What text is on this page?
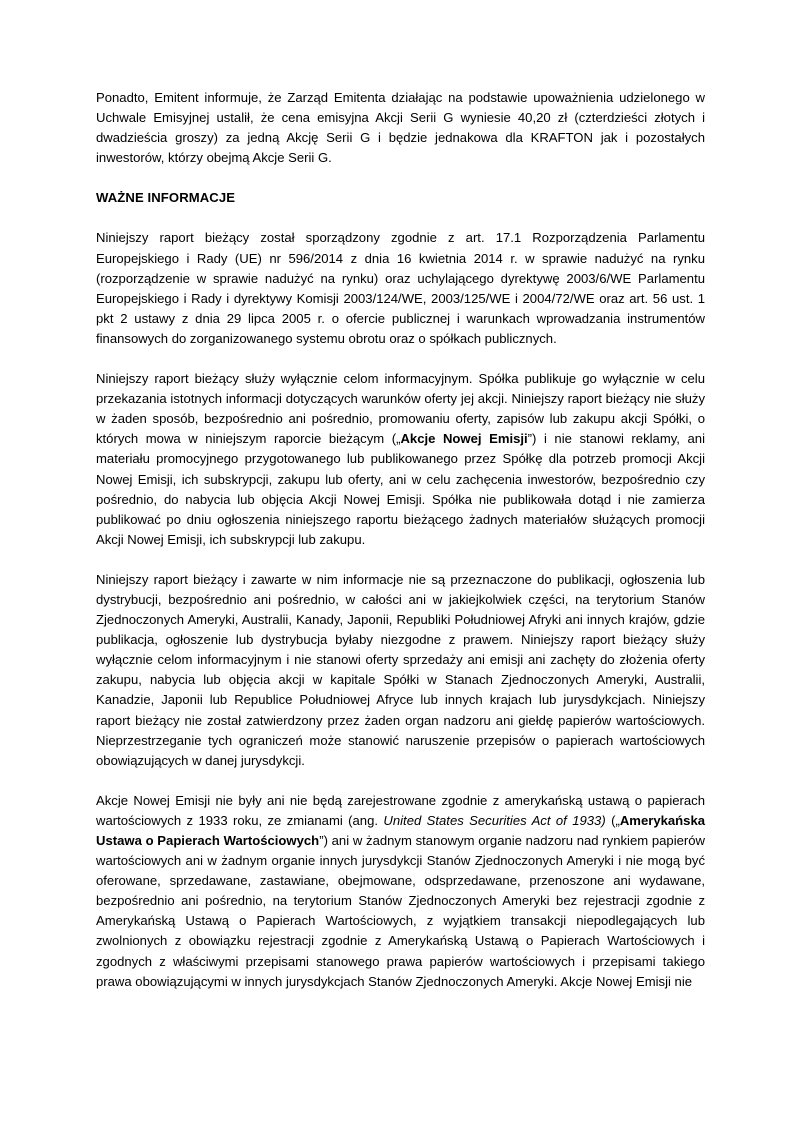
Ponadto, Emitent informuje, że Zarząd Emitenta działając na podstawie upoważnienia udzielonego w Uchwale Emisyjnej ustalił, że cena emisyjna Akcji Serii G wyniesie 40,20 zł (czterdzieści złotych i dwadzieścia groszy) za jedną Akcję Serii G i będzie jednakowa dla KRAFTON jak i pozostałych inwestorów, którzy obejmą Akcje Serii G.

WAŻNE INFORMACJE

Niniejszy raport bieżący został sporządzony zgodnie z art. 17.1 Rozporządzenia Parlamentu Europejskiego i Rady (UE) nr 596/2014 z dnia 16 kwietnia 2014 r. w sprawie nadużyć na rynku (rozporządzenie w sprawie nadużyć na rynku) oraz uchylającego dyrektywę 2003/6/WE Parlamentu Europejskiego i Rady i dyrektywy Komisji 2003/124/WE, 2003/125/WE i 2004/72/WE oraz art. 56 ust. 1 pkt 2 ustawy z dnia 29 lipca 2005 r. o ofercie publicznej i warunkach wprowadzania instrumentów finansowych do zorganizowanego systemu obrotu oraz o spółkach publicznych.

Niniejszy raport bieżący służy wyłącznie celom informacyjnym. Spółka publikuje go wyłącznie w celu przekazania istotnych informacji dotyczących warunków oferty jej akcji. Niniejszy raport bieżący nie służy w żaden sposób, bezpośrednio ani pośrednio, promowaniu oferty, zapisów lub zakupu akcji Spółki, o których mowa w niniejszym raporcie bieżącym („Akcje Nowej Emisji”) i nie stanowi reklamy, ani materiału promocyjnego przygotowanego lub publikowanego przez Spółkę dla potrzeb promocji Akcji Nowej Emisji, ich subskrypcji, zakupu lub oferty, ani w celu zachęcenia inwestorów, bezpośrednio czy pośrednio, do nabycia lub objęcia Akcji Nowej Emisji. Spółka nie publikowała dotąd i nie zamierza publikować po dniu ogłoszenia niniejszego raportu bieżącego żadnych materiałów służących promocji Akcji Nowej Emisji, ich subskrypcji lub zakupu.

Niniejszy raport bieżący i zawarte w nim informacje nie są przeznaczone do publikacji, ogłoszenia lub dystrybucji, bezpośrednio ani pośrednio, w całości ani w jakiejkolwiek części, na terytorium Stanów Zjednoczonych Ameryki, Australii, Kanady, Japonii, Republiki Południowej Afryki ani innych krajów, gdzie publikacja, ogłoszenie lub dystrybucja byłaby niezgodne z prawem. Niniejszy raport bieżący służy wyłącznie celom informacyjnym i nie stanowi oferty sprzedaży ani emisji ani zachęty do złożenia oferty zakupu, nabycia lub objęcia akcji w kapitale Spółki w Stanach Zjednoczonych Ameryki, Australii, Kanadzie, Japonii lub Republice Południowej Afryce lub innych krajach lub jurysdykcjach. Niniejszy raport bieżący nie został zatwierdzony przez żaden organ nadzoru ani giełdę papierów wartościowych. Nieprzestrzeganie tych ograniczeń może stanowić naruszenie przepisów o papierach wartościowych obowiązujących w danej jurysdykcji.

Akcje Nowej Emisji nie były ani nie będą zarejestrowane zgodnie z amerykańską ustawą o papierach wartościowych z 1933 roku, ze zmianami (ang. United States Securities Act of 1933) („Amerykańska Ustawa o Papierach Wartościowych”) ani w żadnym stanowym organie nadzoru nad rynkiem papierów wartościowych ani w żadnym organie innych jurysdykcji Stanów Zjednoczonych Ameryki i nie mogą być oferowane, sprzedawane, zastawiane, obejmowane, odsprzedawane, przenoszone ani wydawane, bezpośrednio ani pośrednio, na terytorium Stanów Zjednoczonych Ameryki bez rejestracji zgodnie z Amerykańską Ustawą o Papierach Wartościowych, z wyjątkiem transakcji niepodlegających lub zwolnionych z obowiązku rejestracji zgodnie z Amerykańską Ustawą o Papierach Wartościowych i zgodnych z właściwymi przepisami stanowego prawa papierów wartościowych i przepisami takiego prawa obowiązującymi w innych jurysdykcjach Stanów Zjednoczonych Ameryki. Akcje Nowej Emisji nie
